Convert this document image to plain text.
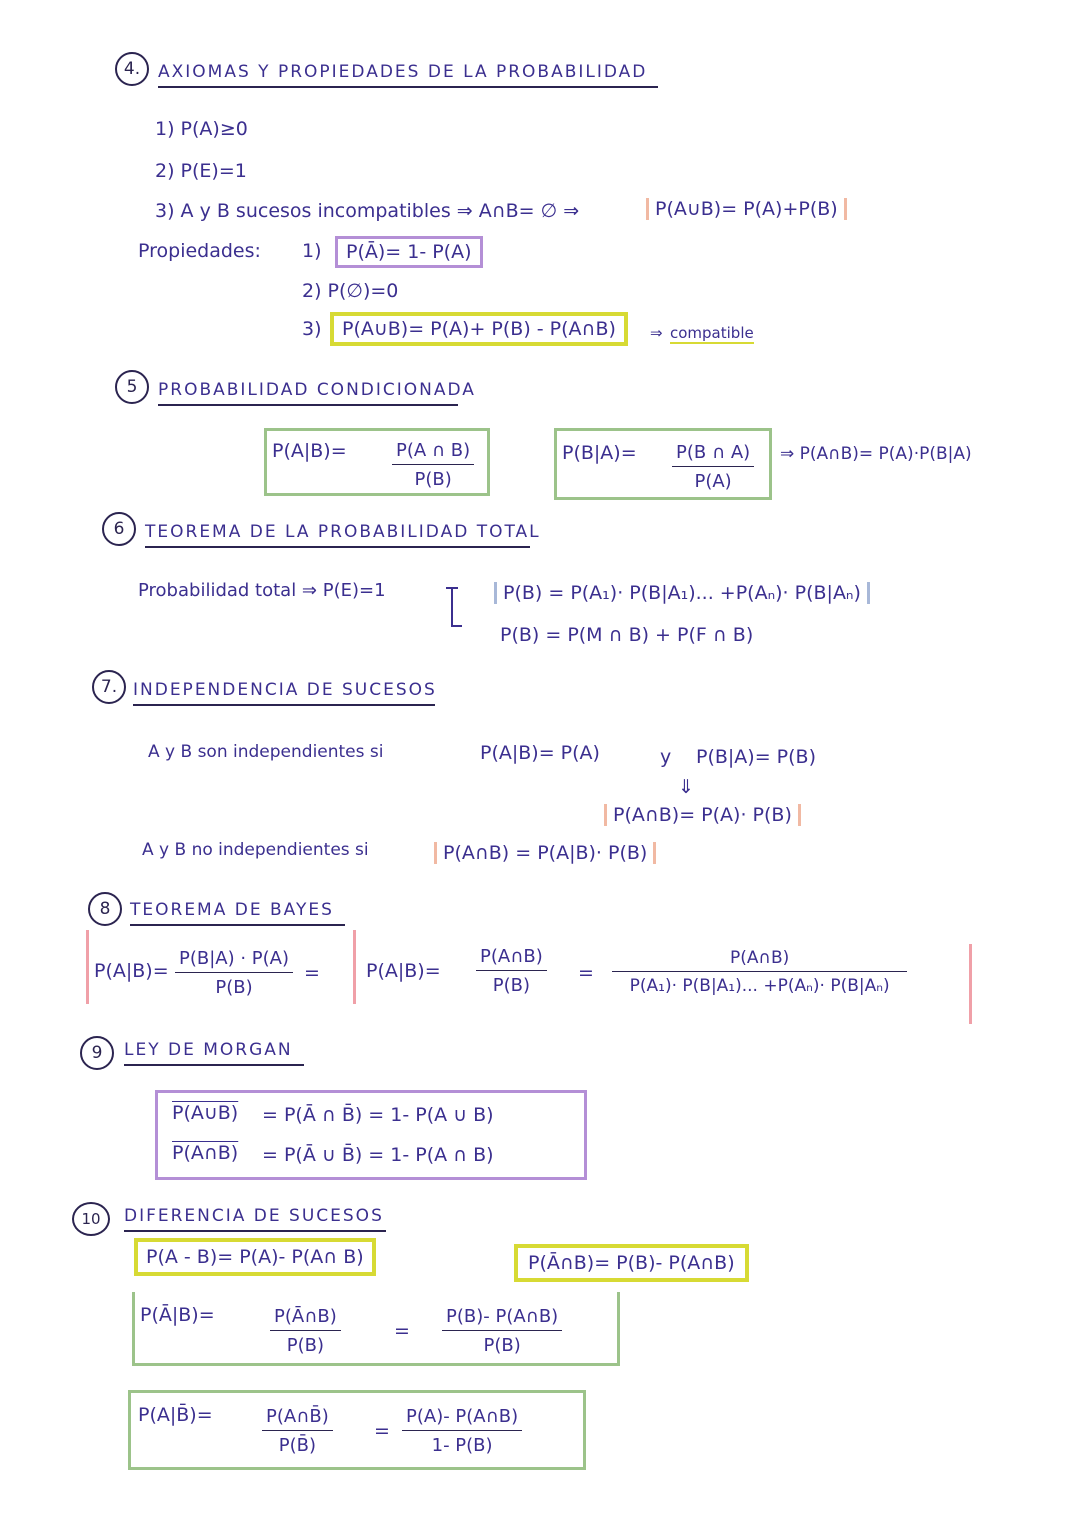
4.	AXIOMAS Y PROPIEDADES DE LA PROBABILIDAD
1) P(A)≥0
2) P(E)=1
3) A y B sucesos incompatibles ⇒ A∩B= ∅ ⇒	P(A∪B)= P(A)+P(B)
Propiedades: 1)	P(Ā)= 1- P(A)
2) P(∅)=0
3)	P(A∪B)= P(A)+ P(B) - P(A∩B)	⇒ compatible
5	PROBABILIDAD CONDICIONADA
P(A|B)=	$\frac{P(A \cap B)}{P(B)}$	$P(B|A)= \frac{P(B \cap A)}{P(A)}$ ⇒ P(A∩B)= P(A)·P(B|A)
6	TEOREMA DE LA PROBABILIDAD TOTAL
Probabilidad total ⇒ P(E)=1	P(B) = P(A₁)· P(B|A₁)... +P(Aₙ)· P(B|Aₙ)
P(B) = P(M ∩ B) + P(F ∩ B)
7. INDEPENDENCIA DE SUCESOS
A y B son independientes si	P(A|B)= P(A)	y P(B|A)= P(B)
⇓
P(A∩B)= P(A)· P(B)
A y B no independientes si	P(A∩B) = P(A|B)· P(B)
8	TEOREMA DE BAYES
$P(A|B)= \frac{P(B|A) \cdot P(A)}{P(B)} = P(A|B)= \frac{P(A\cap B)}{P(B)} = \frac{P(A\cap B)}{\text{P(A₁)· P(B|A₁)... +P(Aₙ)· P(B|Aₙ)}}$
9	LEY DE MORGAN
P(A∪B) = P(Ā ∩ B̄) = 1- P(A ∪ B)
P(A∩B) = P(Ā ∪ B̄) = 1- P(A ∩ B)
10	DIFERENCIA DE SUCESOS
P(A - B)= P(A)- P(A∩ B)	P(Ā∩B)= P(B)- P(A∩B)
P(Ā|B)=	$\frac{P(Ā\cap B)}{P(B)}$	= $\frac{P(B)- P(A\cap B)}{P(B)}$
P(A|B̄)=	$\frac{P(A\cap B̄)}{P(B̄)} = \frac{P(A)- P(A\cap B)}{1- P(B)}$
